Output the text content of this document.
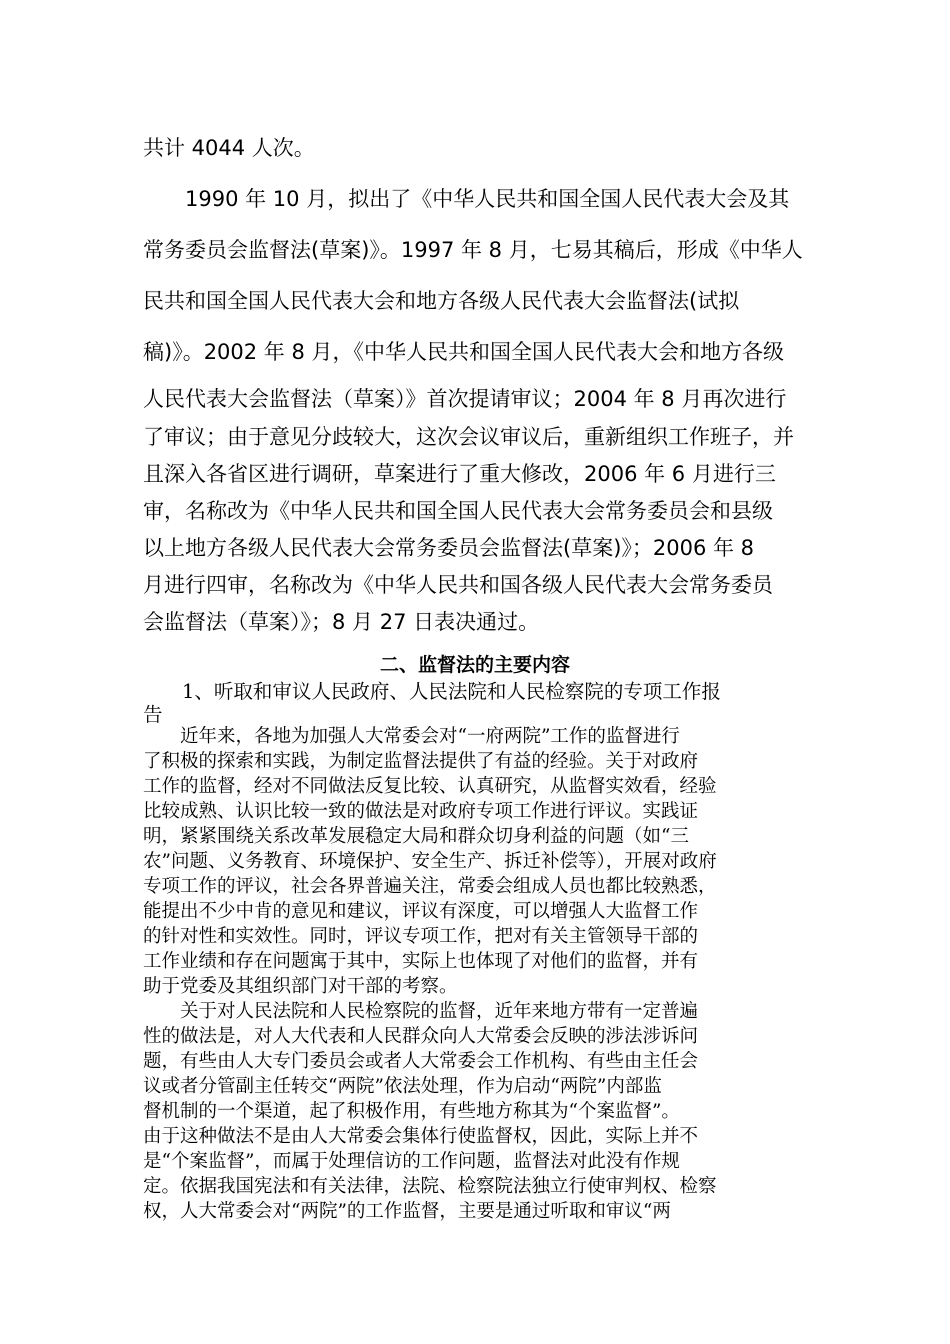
共计 4044 人次。
　　1990 年 10 月，拟出了《中华人民共和国全国人民代表大会及其
常务委员会监督法(草案)》。1997 年 8 月，七易其稿后，形成《中华人
民共和国全国人民代表大会和地方各级人民代表大会监督法(试拟
稿)》。2002 年 8 月，《中华人民共和国全国人民代表大会和地方各级
人民代表大会监督法（草案）》首次提请审议；2004 年 8 月再次进行
了审议；由于意见分歧较大，这次会议审议后，重新组织工作班子，并
且深入各省区进行调研，草案进行了重大修改，2006 年 6 月进行三
审，名称改为《中华人民共和国全国人民代表大会常务委员会和县级
以上地方各级人民代表大会常务委员会监督法(草案)》；2006 年 8
月进行四审，名称改为《中华人民共和国各级人民代表大会常务委员
会监督法（草案）》；8 月 27 日表决通过。
二、监督法的主要内容
　　1、听取和审议人民政府、人民法院和人民检察院的专项工作报
告
　　近年来，各地为加强人大常委会对“一府两院”工作的监督进行
了积极的探索和实践，为制定监督法提供了有益的经验。关于对政府
工作的监督，经对不同做法反复比较、认真研究，从监督实效看，经验
比较成熟、认识比较一致的做法是对政府专项工作进行评议。实践证
明，紧紧围绕关系改革发展稳定大局和群众切身利益的问题（如“三
农”问题、义务教育、环境保护、安全生产、拆迁补偿等），开展对政府
专项工作的评议，社会各界普遍关注，常委会组成人员也都比较熟悉，
能提出不少中肯的意见和建议，评议有深度，可以增强人大监督工作
的针对性和实效性。同时，评议专项工作，把对有关主管领导干部的
工作业绩和存在问题寓于其中，实际上也体现了对他们的监督，并有
助于党委及其组织部门对干部的考察。
　　关于对人民法院和人民检察院的监督，近年来地方带有一定普遍
性的做法是，对人大代表和人民群众向人大常委会反映的涉法涉诉问
题，有些由人大专门委员会或者人大常委会工作机构、有些由主任会
议或者分管副主任转交“两院”依法处理，作为启动“两院”内部监
督机制的一个渠道，起了积极作用，有些地方称其为“个案监督”。
由于这种做法不是由人大常委会集体行使监督权，因此，实际上并不
是“个案监督”，而属于处理信访的工作问题，监督法对此没有作规
定。依据我国宪法和有关法律，法院、检察院法独立行使审判权、检察
权，人大常委会对“两院”的工作监督，主要是通过听取和审议“两
